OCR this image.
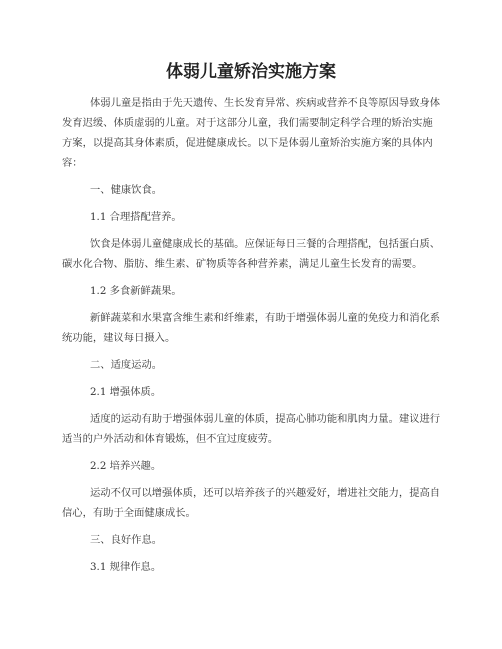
体弱儿童矫治实施方案

体弱儿童是指由于先天遗传、生长发育异常、疾病或营养不良等原因导致身体

发育迟缓、体质虚弱的儿童。对于这部分儿童，我们需要制定科学合理的矫治实施

方案，以提高其身体素质，促进健康成长。以下是体弱儿童矫治实施方案的具体内

容：

一、健康饮食。

1.1 合理搭配营养。

饮食是体弱儿童健康成长的基础。应保证每日三餐的合理搭配，包括蛋白质、

碳水化合物、脂肪、维生素、矿物质等各种营养素，满足儿童生长发育的需要。

1.2 多食新鲜蔬果。

新鲜蔬菜和水果富含维生素和纤维素，有助于增强体弱儿童的免疫力和消化系

统功能，建议每日摄入。

二、适度运动。

2.1 增强体质。

适度的运动有助于增强体弱儿童的体质，提高心肺功能和肌肉力量。建议进行

适当的户外活动和体育锻炼，但不宜过度疲劳。

2.2 培养兴趣。

运动不仅可以增强体质，还可以培养孩子的兴趣爱好，增进社交能力，提高自

信心，有助于全面健康成长。

三、良好作息。

3.1 规律作息。
